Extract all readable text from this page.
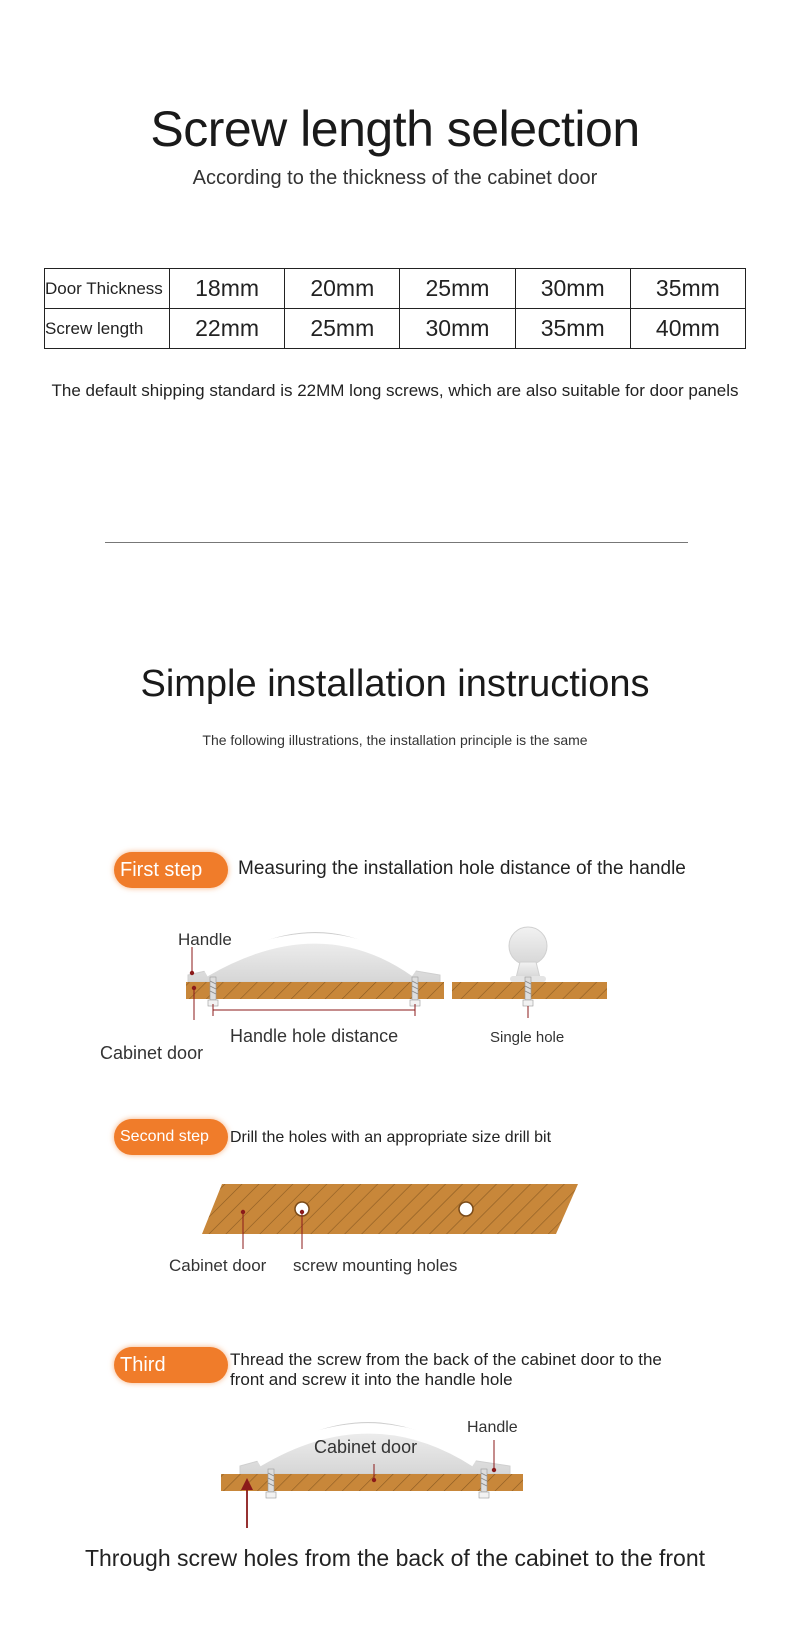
Screw length selection
According to the thickness of the cabinet door
Door Thickness	18mm	20mm	25mm	30mm	35mm
Screw length	22mm	25mm	30mm	35mm	40mm
The default shipping standard is 22MM long screws, which are also suitable for door panels
Simple installation instructions
The following illustrations, the installation principle is the same
First step	Measuring the installation hole distance of the handle
Handle
Cabinet door
Handle hole distance	Single hole
Second step	Drill the holes with an appropriate size drill bit
Cabinet door screw mounting holes
Third	Thread the screw from the back of the cabinet door to the
front and screw it into the handle hole
Handle
Cabinet door
Through screw holes from the back of the cabinet to the front
